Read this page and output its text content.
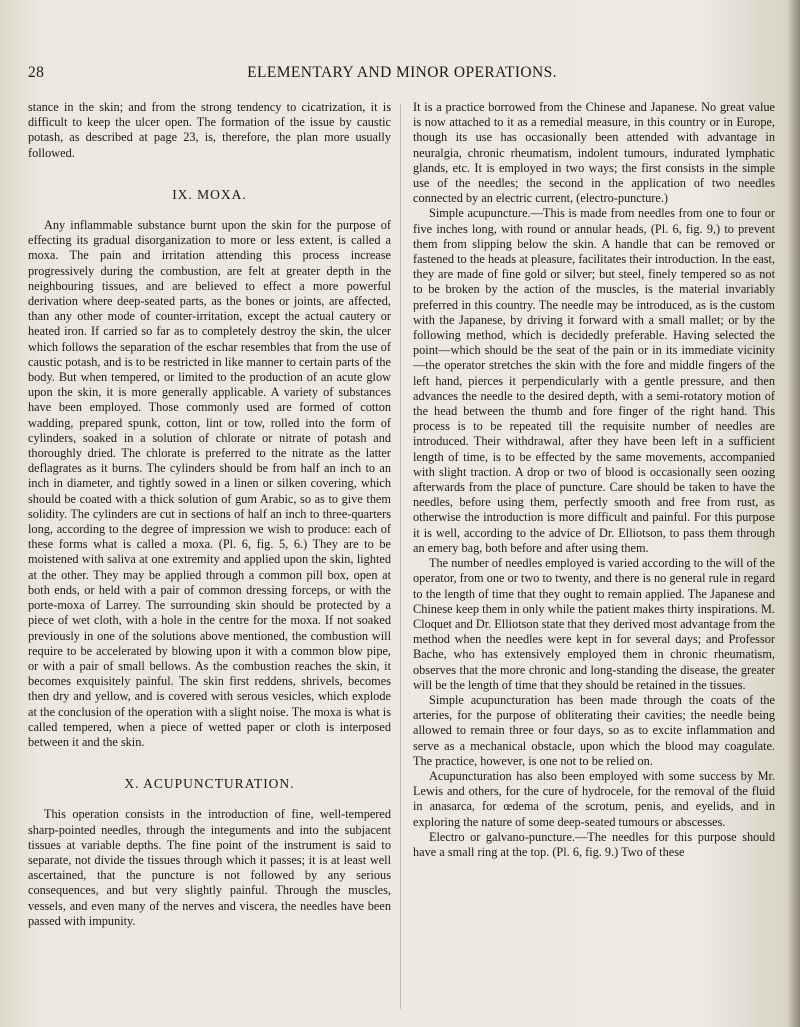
28	ELEMENTARY AND MINOR OPERATIONS.

stance in the skin; and from the strong tendency to cicatrization, it is difficult to keep the ulcer open. The formation of the issue by caustic potash, as described at page 23, is, therefore, the plan more usually followed.

IX. MOXA.

Any inflammable substance burnt upon the skin for the purpose of effecting its gradual disorganization to more or less extent, is called a moxa. The pain and irritation attending this process increase progressively during the combustion, are felt at greater depth in the neighbouring tissues, and are believed to effect a more powerful derivation where deep-seated parts, as the bones or joints, are affected, than any other mode of counter-irritation, except the actual cautery or heated iron. If carried so far as to completely destroy the skin, the ulcer which follows the separation of the eschar resembles that from the use of caustic potash, and is to be restricted in like manner to certain parts of the body. But when tempered, or limited to the production of an acute glow upon the skin, it is more generally applicable. A variety of substances have been employed. Those commonly used are formed of cotton wadding, prepared spunk, cotton, lint or tow, rolled into the form of cylinders, soaked in a solution of chlorate or nitrate of potash and thoroughly dried. The chlorate is preferred to the nitrate as the latter deflagrates as it burns. The cylinders should be from half an inch to an inch in diameter, and tightly sowed in a linen or silken covering, which should be coated with a thick solution of gum Arabic, so as to give them solidity. The cylinders are cut in sections of half an inch to three-quarters long, according to the degree of impression we wish to produce: each of these forms what is called a moxa. (Pl. 6, fig. 5, 6.) They are to be moistened with saliva at one extremity and applied upon the skin, lighted at the other. They may be applied through a common pill box, open at both ends, or held with a pair of common dressing forceps, or with the porte-moxa of Larrey. The surrounding skin should be protected by a piece of wet cloth, with a hole in the centre for the moxa. If not soaked previously in one of the solutions above mentioned, the combustion will require to be accelerated by blowing upon it with a common blow pipe, or with a pair of small bellows. As the combustion reaches the skin, it becomes exquisitely painful. The skin first reddens, shrivels, becomes then dry and yellow, and is covered with serous vesicles, which explode at the conclusion of the operation with a slight noise. The moxa is what is called tempered, when a piece of wetted paper or cloth is interposed between it and the skin.

X. ACUPUNCTURATION.

This operation consists in the introduction of fine, well-tempered sharp-pointed needles, through the integuments and into the subjacent tissues at variable depths. The fine point of the instrument is said to separate, not divide the tissues through which it passes; it is at least well ascertained, that the puncture is not followed by any serious consequences, and but very slightly painful. Through the muscles, vessels, and even many of the nerves and viscera, the needles have been passed with impunity.

It is a practice borrowed from the Chinese and Japanese. No great value is now attached to it as a remedial measure, in this country or in Europe, though its use has occasionally been attended with advantage in neuralgia, chronic rheumatism, indolent tumours, indurated lymphatic glands, etc. It is employed in two ways; the first consists in the simple use of the needles; the second in the application of two needles connected by an electric current, (electro-puncture.)

Simple acupuncture.—This is made from needles from one to four or five inches long, with round or annular heads, (Pl. 6, fig. 9,) to prevent them from slipping below the skin. A handle that can be removed or fastened to the heads at pleasure, facilitates their introduction. In the east, they are made of fine gold or silver; but steel, finely tempered so as not to be broken by the action of the muscles, is the material invariably preferred in this country. The needle may be introduced, as is the custom with the Japanese, by driving it forward with a small mallet; or by the following method, which is decidedly preferable. Having selected the point—which should be the seat of the pain or in its immediate vicinity—the operator stretches the skin with the fore and middle fingers of the left hand, pierces it perpendicularly with a gentle pressure, and then advances the needle to the desired depth, with a semi-rotatory motion of the head between the thumb and fore finger of the right hand. This process is to be repeated till the requisite number of needles are introduced. Their withdrawal, after they have been left in a sufficient length of time, is to be effected by the same movements, accompanied with slight traction. A drop or two of blood is occasionally seen oozing afterwards from the place of puncture. Care should be taken to have the needles, before using them, perfectly smooth and free from rust, as otherwise the introduction is more difficult and painful. For this purpose it is well, according to the advice of Dr. Elliotson, to pass them through an emery bag, both before and after using them.

The number of needles employed is varied according to the will of the operator, from one or two to twenty, and there is no general rule in regard to the length of time that they ought to remain applied. The Japanese and Chinese keep them in only while the patient makes thirty inspirations. M. Cloquet and Dr. Elliotson state that they derived most advantage from the method when the needles were kept in for several days; and Professor Bache, who has extensively employed them in chronic rheumatism, observes that the more chronic and long-standing the disease, the greater will be the length of time that they should be retained in the tissues.

Simple acupuncturation has been made through the coats of the arteries, for the purpose of obliterating their cavities; the needle being allowed to remain three or four days, so as to excite inflammation and serve as a mechanical obstacle, upon which the blood may coagulate. The practice, however, is one not to be relied on.

Acupuncturation has also been employed with some success by Mr. Lewis and others, for the cure of hydrocele, for the removal of the fluid in anasarca, for œdema of the scrotum, penis, and eyelids, and in exploring the nature of some deep-seated tumours or abscesses.

Electro or galvano-puncture.—The needles for this purpose should have a small ring at the top. (Pl. 6, fig. 9.) Two of these
